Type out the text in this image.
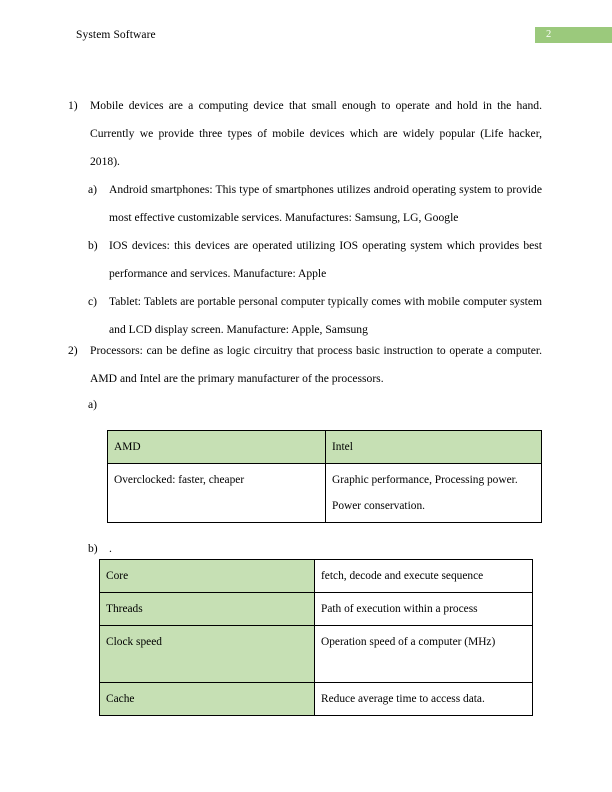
System Software	2
1)	Mobile devices are a computing device that small enough to operate and hold in the hand. Currently we provide three types of mobile devices which are widely popular (Life hacker, 2018).

a)	Android smartphones: This type of smartphones utilizes android operating system to provide most effective customizable services. Manufactures: Samsung, LG, Google

b) IOS devices: this devices are operated utilizing IOS operating system which provides best performance and services. Manufacture: Apple

c)	Tablet: Tablets are portable personal computer typically comes with mobile computer system and LCD display screen. Manufacture: Apple, Samsung

2)	Processors: can be define as logic circuitry that process basic instruction to operate a computer. AMD and Intel are the primary manufacturer of the processors.

a)

b) .

AMD	Intel
Overclocked: faster, cheaper	Graphic performance, Processing power.
Power conservation.
Core	fetch, decode and execute sequence
Threads	Path of execution within a process
Clock speed	Operation speed of a computer (MHz)
Cache	Reduce average time to access data.
